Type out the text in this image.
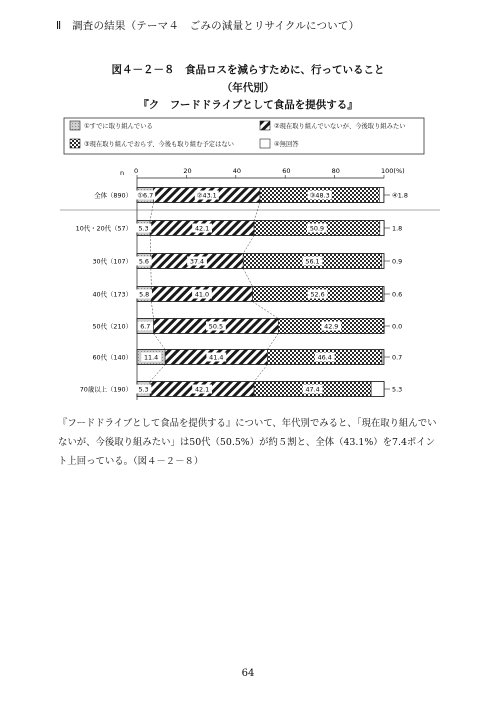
Ⅱ　調査の結果（テーマ４　ごみの減量とリサイクルについて）
図４－２－８　食品ロスを減らすために、行っていること
（年代別）
『ク　フードドライブとして食品を提供する』
①すでに取り組んでいる	②現在取り組んでいないが、今後取り組みたい
③現在取り組んでおらず、今後も取り組む予定はない	④無回答
0	20	40	60	80	100(%)
n
全体（890） ①6.7	②43.1	③48.3	④1.8
10代・20代（57） 5.3	42.1	50.9	1.8
30代（107） 5.6	37.4	56.1	0.9
40代（173） 5.8	41.0	52.6	0.6
50代（210） 6.7	50.5	42.9	0.0
60代（140） 11.4	41.4	46.4	0.7
70歳以上（190） 5.3	42.1	47.4	5.3
『フードドライブとして食品を提供する』について、年代別でみると、「現在取り組んでいないが、今後取り組みたい」は50代（50.5%）が約５割と、全体（43.1%）を7.4ポイント上回っている。（図４－２－８）
64
